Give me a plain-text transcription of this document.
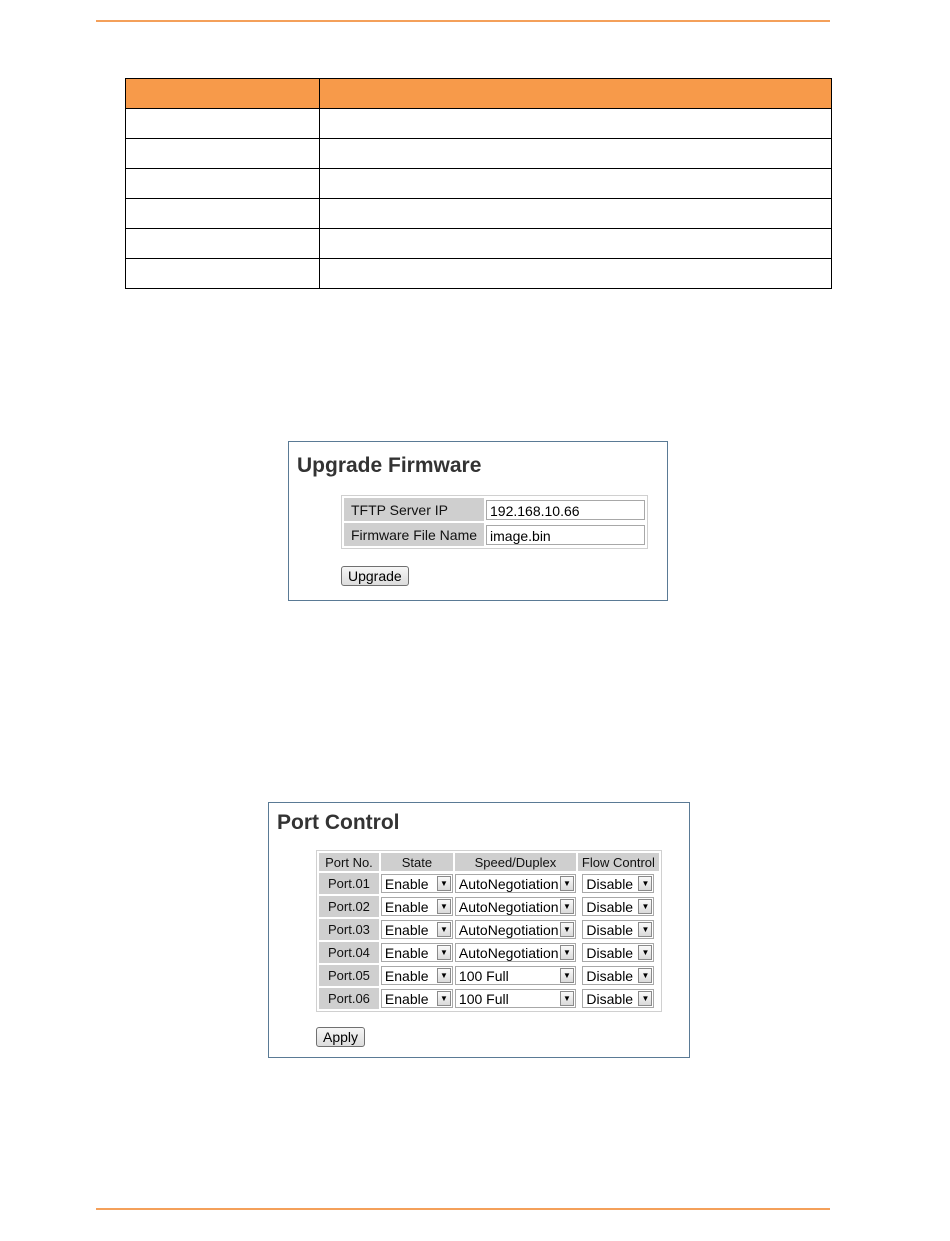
Upgrade Firmware
TFTP Server IP	192.168.10.66

Firmware File Name	image.bin
Upgrade
Port Control
Port No.	State	Speed/Duplex	Flow Control
Port.01	Enable ▼	AutoNegotiation ▼	Disable ▼

Port.02	Enable ▼	AutoNegotiation ▼	Disable ▼

Port.03	Enable ▼	AutoNegotiation ▼	Disable ▼

Port.04	Enable ▼	AutoNegotiation ▼	Disable ▼

Port.05	Enable ▼	100 Full ▼	Disable ▼

Port.06	Enable ▼	100 Full ▼	Disable ▼
Apply
